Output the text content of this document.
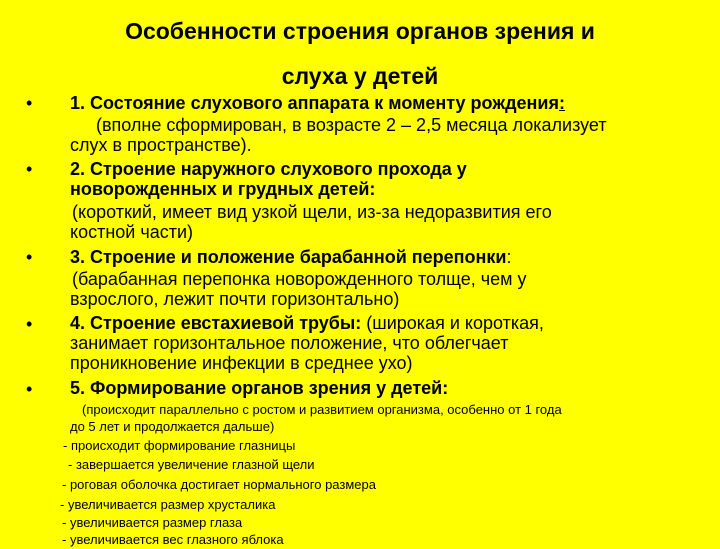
Особенности строения органов зрения и
слуха у детей
• 1. Состояние слухового аппарата к моменту рождения:
(вполне сформирован, в возрасте 2 – 2,5 месяца локализует
слух в пространстве).
• 2. Строение наружного слухового прохода у
новорожденных и грудных детей:
(короткий, имеет вид узкой щели, из-за недоразвития его
костной части)
• 3. Строение и положение барабанной перепонки:
(барабанная перепонка новорожденного толще, чем у
взрослого, лежит почти горизонтально)
• 4. Строение евстахиевой трубы: (широкая и короткая,
занимает горизонтальное положение, что облегчает
проникновение инфекции в среднее ухо)
• 5. Формирование органов зрения у детей:
(происходит параллельно с ростом и развитием организма, особенно от 1 года
до 5 лет и продолжается дальше)
- происходит формирование глазницы
- завершается увеличение глазной щели
- роговая оболочка достигает нормального размера
- увеличивается размер хрусталика
- увеличивается размер глаза
- увеличивается вес глазного яблока
